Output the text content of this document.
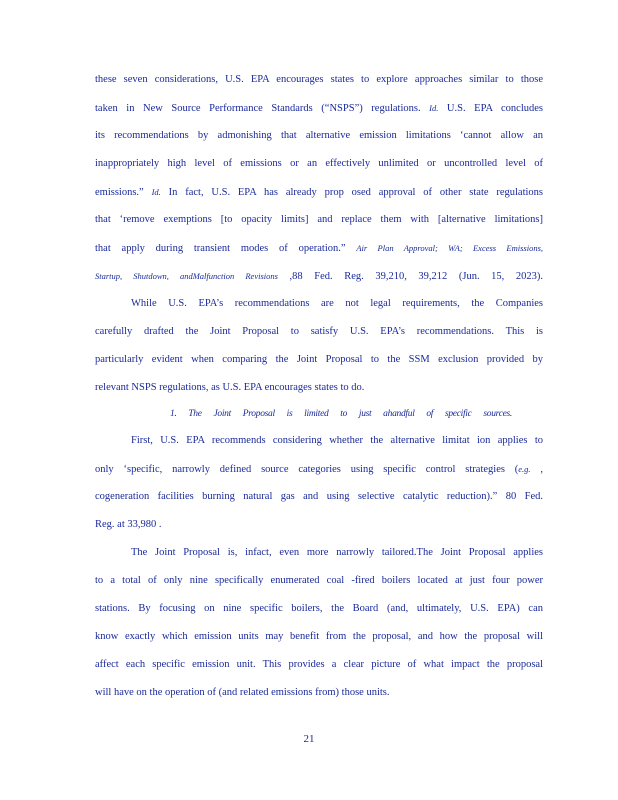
these seven considerations, U.S. EPA encourages states to explore approaches similar to those
taken in New Source Performance Standards (“NSPS”) regulations. Id. U.S. EPA concludes
its recommendations by admonishing that alternative emission limitations ‘cannot allow an
inappropriately high level of emissions or an effectively unlimited or uncontrolled level of
emissions.” Id. In fact, U.S. EPA has already prop osed approval of other state regulations
that ‘remove exemptions [to opacity limits] and replace them with [alternative limitations]
that apply during transient modes of operation.” Air Plan Approval; WA; Excess Emissions,
Startup, Shutdown, andMalfunction Revisions ,88 Fed. Reg. 39,210, 39,212 (Jun. 15, 2023).
While U.S. EPA’s recommendations are not legal requirements, the Companies
carefully drafted the Joint Proposal to satisfy U.S. EPA’s recommendations. This is
particularly evident when comparing the Joint Proposal to the SSM exclusion provided by
relevant NSPS regulations, as U.S. EPA encourages states to do.
1. The Joint Proposal is limited to just ahandful of specific sources.
First, U.S. EPA recommends considering whether the alternative limitat ion applies to
only ‘specific, narrowly defined source categories using specific control strategies (e.g. ,
cogeneration facilities burning natural gas and using selective catalytic reduction).” 80 Fed.
Reg. at 33,980 .
The Joint Proposal is, infact, even more narrowly tailored.The Joint Proposal applies
to a total of only nine specifically enumerated coal -fired boilers located at just four power
stations. By focusing on nine specific boilers, the Board (and, ultimately, U.S. EPA) can
know exactly which emission units may benefit from the proposal, and how the proposal will
affect each specific emission unit. This provides a clear picture of what impact the proposal
will have on the operation of (and related emissions from) those units.
21
